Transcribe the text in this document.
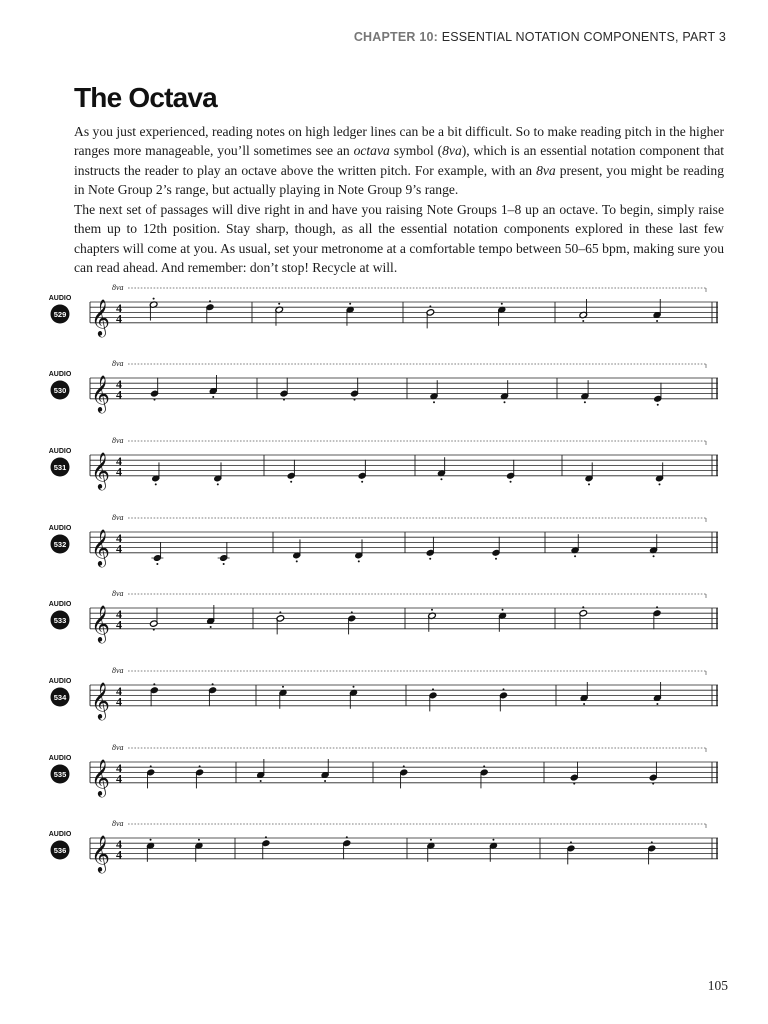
CHAPTER 10: ESSENTIAL NOTATION COMPONENTS, PART 3
The Octava

As you just experienced, reading notes on high ledger lines can be a bit difficult. So to make reading pitch in the higher ranges more manageable, you’ll sometimes see an octava symbol (8va), which is an essential notation component that instructs the reader to play an octave above the written pitch. For example, with an 8va present, you might be reading in Note Group 2’s range, but actually playing in Note Group 9’s range.

The next set of passages will dive right in and have you raising Note Groups 1–8 up an octave. To begin, simply raise them up to 12th position. Stay sharp, though, as all the essential notation components explored in these last few chapters will come at you. As usual, set your metronome at a comfortable tempo between 50–65 bpm, making sure you can read ahead. And remember: don’t stop! Recycle at will.

8va
AUDIO
529 𝄞 4
4
8va
AUDIO
530 𝄞 4
4
8va
AUDIO
531 𝄞 4
4
8va
AUDIO
532 𝄞 4
4
8va
AUDIO
533 𝄞 4
4
8va
AUDIO
534 𝄞 4
4
8va
AUDIO
535 𝄞 4
4
8va
AUDIO
536 𝄞 4
4
105
